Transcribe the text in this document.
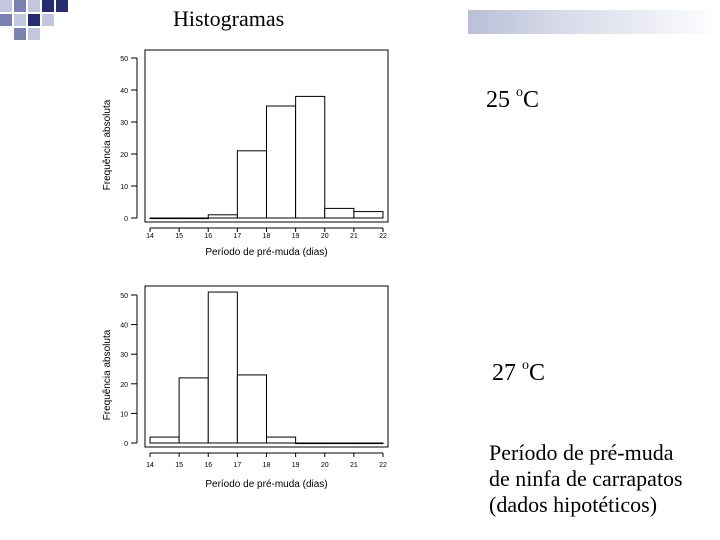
Histogramas
0
10
20
30
40
50
14	15	16	17	18	19	20	21	22
Período de pré-muda (dias)
Frequência absoluta
0
10
20
30
40
50
14	15	16	17	18	19	20	21	22
Período de pré-muda (dias)
Frequência absoluta
25 $^o$C
27 $^o$C
Período de pré-muda
de ninfa de carrapatos
(dados hipotéticos)
